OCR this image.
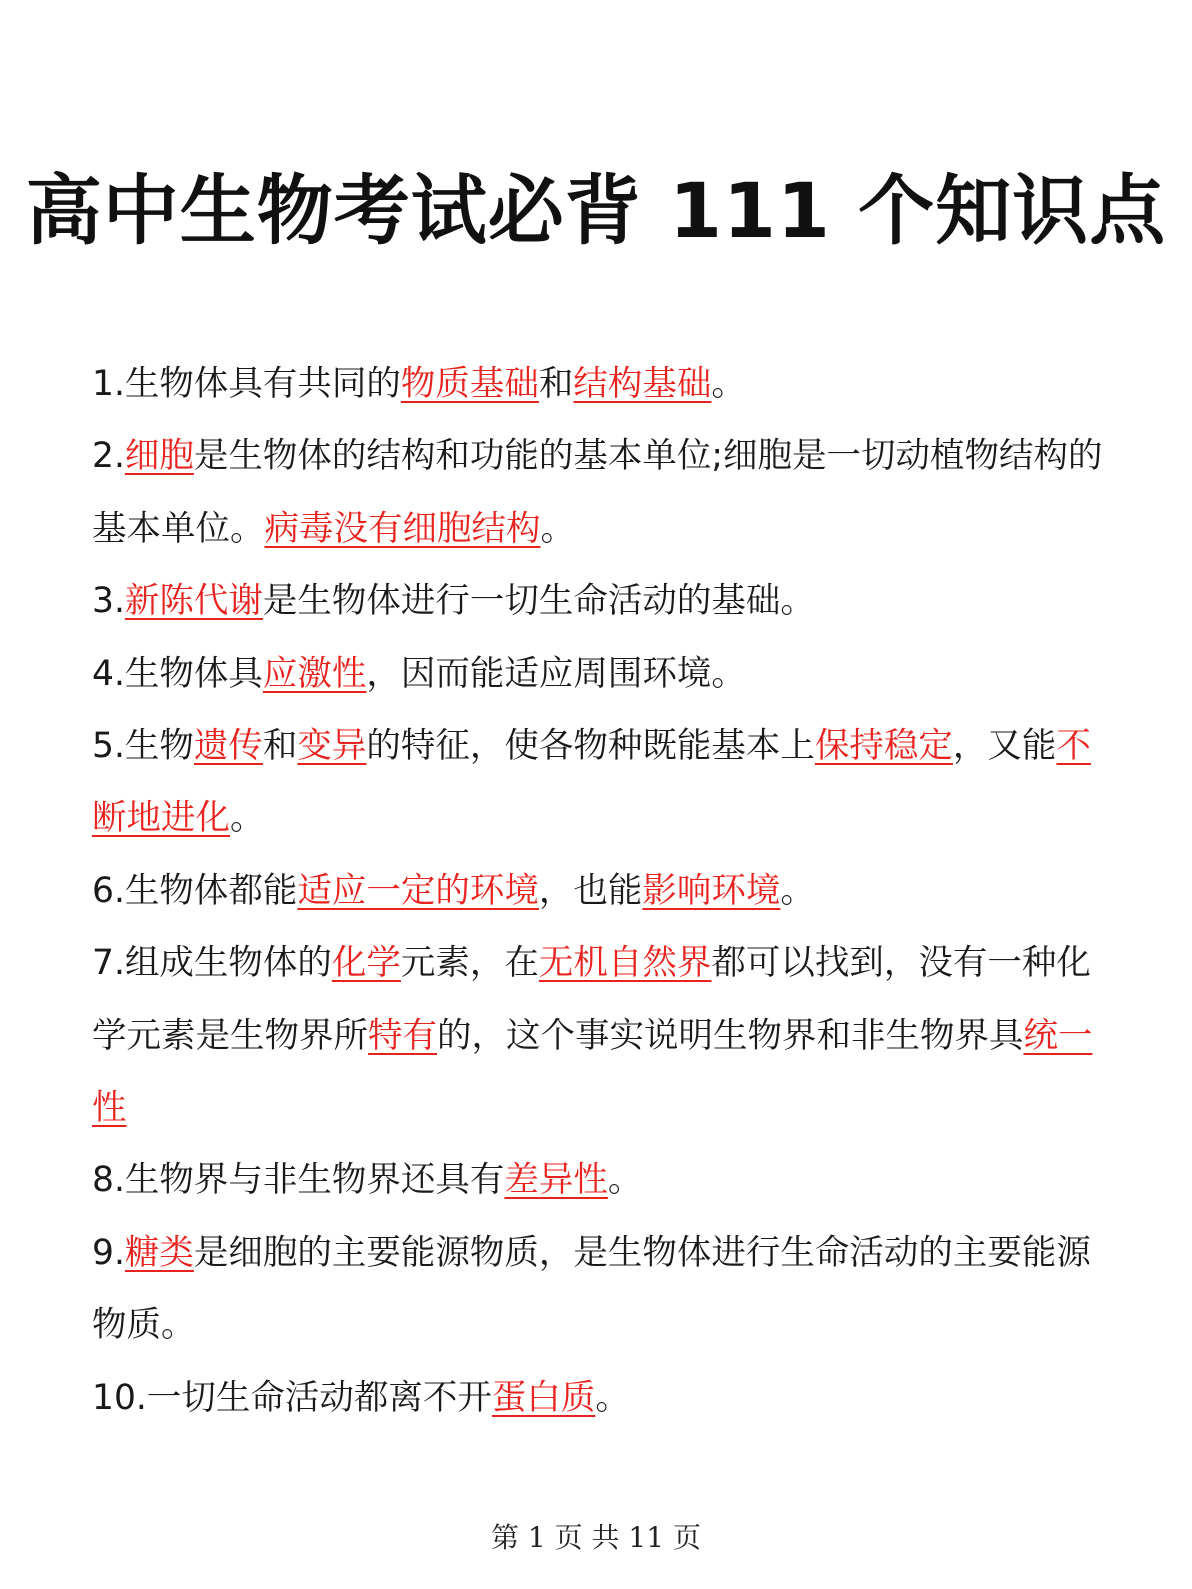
高中生物考试必背 111 个知识点
1.生物体具有共同的物质基础和结构基础。
2.细胞是生物体的结构和功能的基本单位;细胞是一切动植物结构的基本单位。病毒没有细胞结构。
3.新陈代谢是生物体进行一切生命活动的基础。
4.生物体具应激性，因而能适应周围环境。
5.生物遗传和变异的特征，使各物种既能基本上保持稳定，又能不断地进化。
6.生物体都能适应一定的环境，也能影响环境。
7.组成生物体的化学元素，在无机自然界都可以找到，没有一种化学元素是生物界所特有的，这个事实说明生物界和非生物界具统一性
8.生物界与非生物界还具有差异性。
9.糖类是细胞的主要能源物质，是生物体进行生命活动的主要能源物质。
10.一切生命活动都离不开蛋白质。
第 1 页 共 11 页
